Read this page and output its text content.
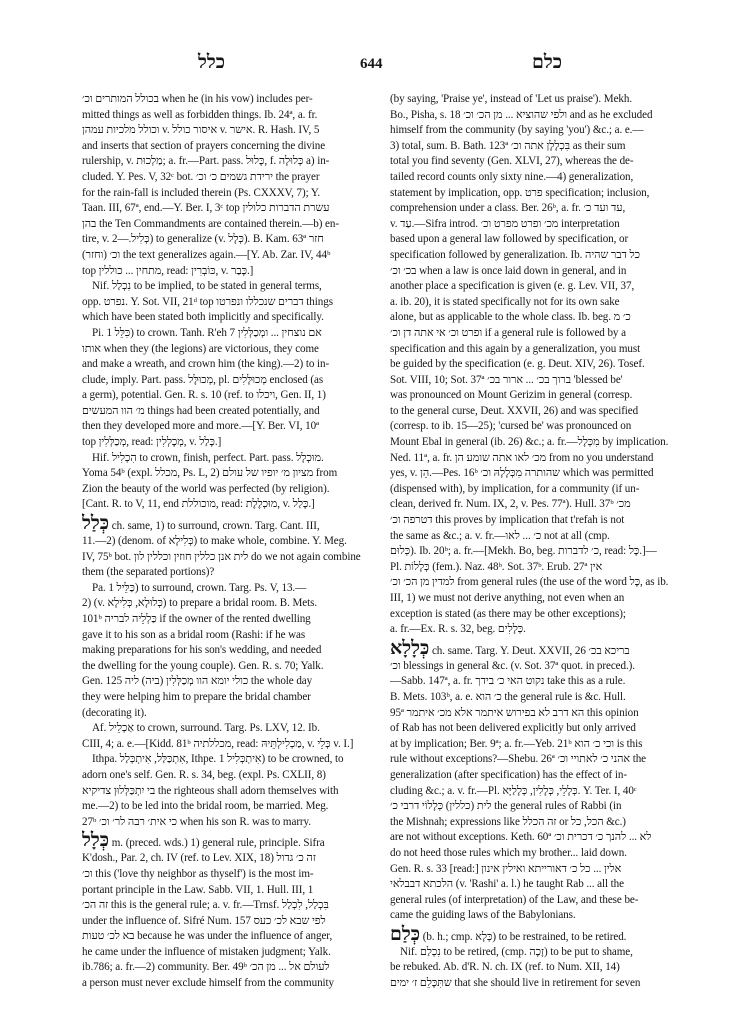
כלל	644	כלם
בכולל המותרים וכ׳ when he (in his vow) includes per-
mitted things as well as forbidden things. Ib. 24ª, a. fr.
וכולל מלכיות עמהן v. איסור כולל v. אישר. R. Hash. IV, 5
and inserts that section of prayers concerning the divine
rulership, v. מַלְכוּת; a. fr.—Part. pass. כָּלוּל, f. כְּלוּלָה a) in-
cluded. Y. Pes. V, 32ᶜ bot. ירידת גשמים כ׳ וכ׳ the prayer
for the rain-fall is included therein (Ps. CXXXV, 7); Y.
Taan. III, 67ª, end.—Y. Ber. I, 3ᶜ top עשרת הדברות כלולין
בהן the Ten Commandments are contained therein.—b) en-
tire, v. כְּלִיל.—2) to generalize (v. כְּלָל). B. Kam. 63ª חזר
(וחזר) וכ׳ the text generalizes again.—[Y. Ab. Zar. IV, 44ᵇ
top מתחין ... כוללין, read: כּוֹבְרִין, v. כָּבַר.]
Nif. נִכְלַל to be implied, to be stated in general terms,
opp. נפרט. Y. Sot. VII, 21ᵈ top דברים שנכללו ונפרטו things
which have been stated both implicitly and specifically.
Pi. כִּלֵּל 1) to crown. Tanh. R'eh 7 אם נוצחין ... ומְכַלְּלִין
אותו when they (the legions) are victorious, they come
and make a wreath, and crown him (the king).—2) to in-
clude, imply. Part. pass. מְכוּלָּל, pl. מְכוּלָּלִים enclosed (as
a germ), potential. Gen. R. s. 10 (ref. to ויכלו, Gen. II, 1)
מ׳ הוו המעשים things had been created potentially, and
then they developed more and more.—[Y. Ber. VI, 10ª
top מְכַלְּלִין, read: מְכָלְלִין, v. כָּלַל.]
Hif. הִכְלִיל to crown, finish, perfect. Part. pass. מוּכְלָל.
Yoma 54ᵇ (expl. מכלל, Ps. L, 2) מציון מ׳ יופיו של עולם from
Zion the beauty of the world was perfected (by religion).
[Cant. R. to V, 11, end מוכוללת, read: מוּכְלֶלֶת, v. כָּלַל.]
כְּלַל ch. same, 1) to surround, crown. Targ. Cant. III,
11.—2) (denom. of כְּלִילָא) to make whole, combine. Y. Meg.
IV, 75ᵇ bot. לית אנן כללין חוזין וכללין לון do we not again combine
them (the separated portions)?
Pa. כַּלֵּיל 1) to surround, crown. Targ. Ps. V, 13.—
2) (v. כְּלוּלָא, כְּלִילָא) to prepare a bridal room. B. Mets.
101ᵇ כַּלְלֵיה לבריה if the owner of the rented dwelling
gave it to his son as a bridal room (Rashi: if he was
making preparations for his son's wedding, and needed
the dwelling for the young couple). Gen. R. s. 70; Yalk.
Gen. 125 כולי יומא הוו מְכַלְּלִין (ביה) ליה the whole day
they were helping him to prepare the bridal chamber
(decorating it).
Af. אַכְלֵיל to crown, surround. Targ. Ps. LXV, 12. Ib.
CIII, 4; a. e.—[Kidd. 81ᵇ מכללתיה, read: מַכְלִילְתֵּיהּ, v. כְּלֵי v. I.]
Ithpa. אִתְכַּלַּל, אִיתְכְּלַל, Ithpe. אִיתְכְּלִיל 1) to be crowned, to
adorn one's self. Gen. R. s. 34, beg. (expl. Ps. CXLII, 8)
בי יִתְכַּלְּלוּן צדיקיא the righteous shall adorn themselves with
me.—2) to be led into the bridal room, be married. Meg.
27ᵇ כי אית׳ רבה לר׳ וכ׳ when his son R. was to marry.
כְּלָל m. (preced. wds.) 1) general rule, principle. Sifra
K'dosh., Par. 2, ch. IV (ref. to Lev. XIX, 18) זה כ׳ גדול
וכ׳ this ('love thy neighbor as thyself') is the most im-
portant principle in the Law. Sabb. VII, 1. Hull. III, 1
זה הכ׳ this is the general rule; a. v. fr.—Trnsf. בִּכְלַל, לִכְלַל
under the influence of. Sifré Num. 157 לפי שבא לכ׳ כעס
בא לכ׳ טעות because he was under the influence of anger,
he came under the influence of mistaken judgment; Yalk.
ib.786; a. fr.—2) community. Ber. 49ᵇ לעולם אל ... מן הכ׳
a person must never exclude himself from the community
(by saying, 'Praise ye', instead of 'Let us praise'). Mekh.
Bo., Pisha, s. 18 ולפי שהוציא ... מן הכ׳ וכ׳ and as he excluded
himself from the community (by saying 'you') &c.; a. e.—
3) total, sum. B. Bath. 123ª בִּכְלָלָן אתה וכ׳ as their sum
total you find seventy (Gen. XLVI, 27), whereas the de-
tailed record counts only sixty nine.—4) generalization,
statement by implication, opp. פרט specification; inclusion,
comprehension under a class. Ber. 26ᵇ, a. fr. עד ועד כ׳,
v. עַד.—Sifra introd. מכ׳ ופרט מפרט וכ׳ interpretation
based upon a general law followed by specification, or
specification followed by generalization. Ib. כל דבר שהיה
בכ׳ וכ׳ when a law is once laid down in general, and in
another place a specification is given (e. g. Lev. VII, 37,
a. ib. 20), it is stated specifically not for its own sake
alone, but as applicable to the whole class. Ib. beg. כ׳ מ
ופרט וכ׳ אי אתה דן וכ׳ if a general rule is followed by a
specification and this again by a generalization, you must
be guided by the specification (e. g. Deut. XIV, 26). Tosef.
Sot. VIII, 10; Sot. 37ª ברוך בכ׳ ... ארור בכ׳ 'blessed be'
was pronounced on Mount Gerizim in general (corresp.
to the general curse, Deut. XXVII, 26) and was specified
(corresp. to ib. 15—25); 'cursed be' was pronounced on
Mount Ebal in general (ib. 26) &c.; a. fr.—מִכְּלָל by implication.
Ned. 11ª, a. fr. מכ׳ לאו אתה שומע הן from no you understand
yes, v. הֵן.—Pes. 16ᵇ שהותרה מִכְּלָלָהּ וכ׳ which was permitted
(dispensed with), by implication, for a community (if un-
clean, derived fr. Num. IX, 2, v. Pes. 77ª). Hull. 37ᵇ מכ׳
דטרפה וכ׳ this proves by implication that t'refah is not
the same as &c.; a. v. fr.—כ׳ ... לאו not at all (cmp.
כְּלוּם). Ib. 20ᵇ; a. fr.—[Mekh. Bo, beg. כ׳ לדברות, read: כָּל.]—
Pl. כְּלָלוֹת (fem.). Naz. 48ᵇ. Sot. 37ᵇ. Erub. 27ª אין
למדין מן הכ׳ וכ׳ from general rules (the use of the word כָּל, as ib.
III, 1) we must not derive anything, not even when an
exception is stated (as there may be other exceptions);
a. fr.—Ex. R. s. 32, beg. כְּלָלִים.
כְּלָלָא ch. same. Targ. Y. Deut. XXVII, 26 בריכא בכ׳
וכ׳ blessings in general &c. (v. Sot. 37ª quot. in preced.).
—Sabb. 147ª, a. fr. נקוט האי כ׳ בידך take this as a rule.
B. Mets. 103ᵇ, a. e. כ׳ הוא the general rule is &c. Hull.
95ª הא דרב לא בפירוש איתמר אלא מכ׳ איתמר this opinion
of Rab has not been delivered explicitly but only arrived
at by implication; Ber. 9ª; a. fr.—Yeb. 21ᵇ וכי כ׳ הוא is this
rule without exceptions?—Shebu. 26ª אהני כ׳ לאתויי וכ׳ the
generalization (after specification) has the effect of in-
cluding &c.; a. v. fr.—Pl. כְּלָלֵי, כְּלָלִין, כְּלָלַיָּא. Y. Ter. I, 40ᶜ
לית (כללין) כְּלָלוֹי דרבי כ׳ the general rules of Rabbi (in
the Mishnah; expressions like זה הכלל or הכל, כל &c.)
are not without exceptions. Keth. 60ª לא ... להנך כ׳ דכרית וכ׳
do not heed those rules which my brother... laid down.
Gen. R. s. 33 [read:] אלין ... כל כ׳ דאורייתא ואילין אינון
הלכתא דבבלאי (v. 'Rashi' a. l.) he taught Rab ... all the
general rules (of interpretation) of the Law, and these be-
came the guiding laws of the Babylonians.
כְּלַם (b. h.; cmp. כְּלָא) to be restrained, to be retired.
Nif. נִכְלַם to be retired, (cmp. זָכָה) to be put to shame,
be rebuked. Ab. d'R. N. ch. IX (ref. to Num. XII, 14)
שתִּכָּלֵם ז׳ ימים that she should live in retirement for seven
